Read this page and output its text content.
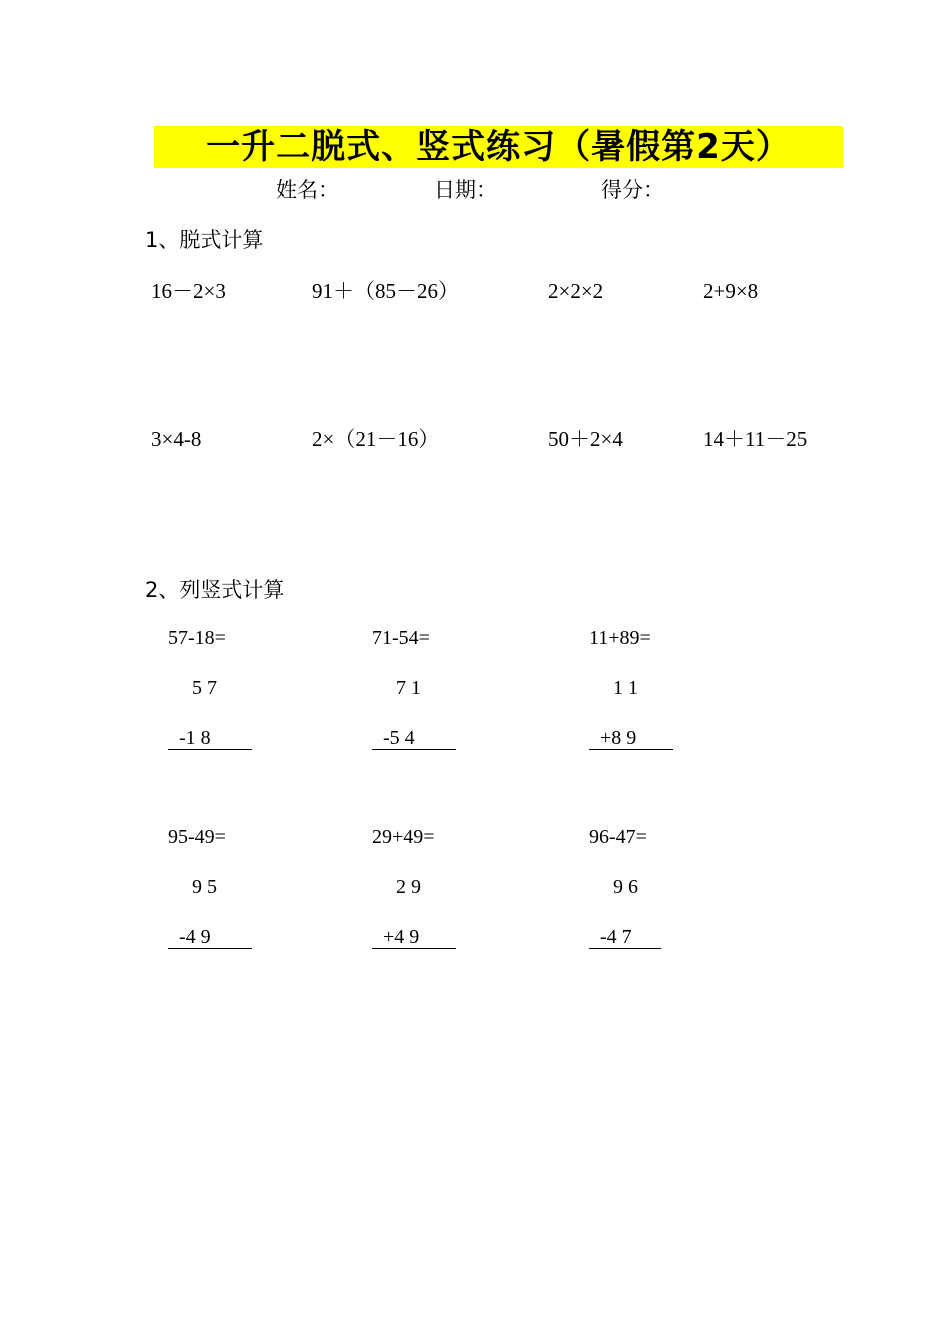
一升二脱式、竖式练习（暑假第2天）
姓名：	日期：	得分：
1、脱式计算
16－2×3	91＋（85－26）	2×2×2	2+9×8
3×4-8	2×（21－16）	50＋2×4	14＋11－25
2、列竖式计算
57-18=
5 7
-1 8
71-54=
7 1
-5 4
11+89=
1 1
+8 9
95-49=
9 5
-4 9
29+49=
2 9
+4 9
96-47=
9 6
-4 7
